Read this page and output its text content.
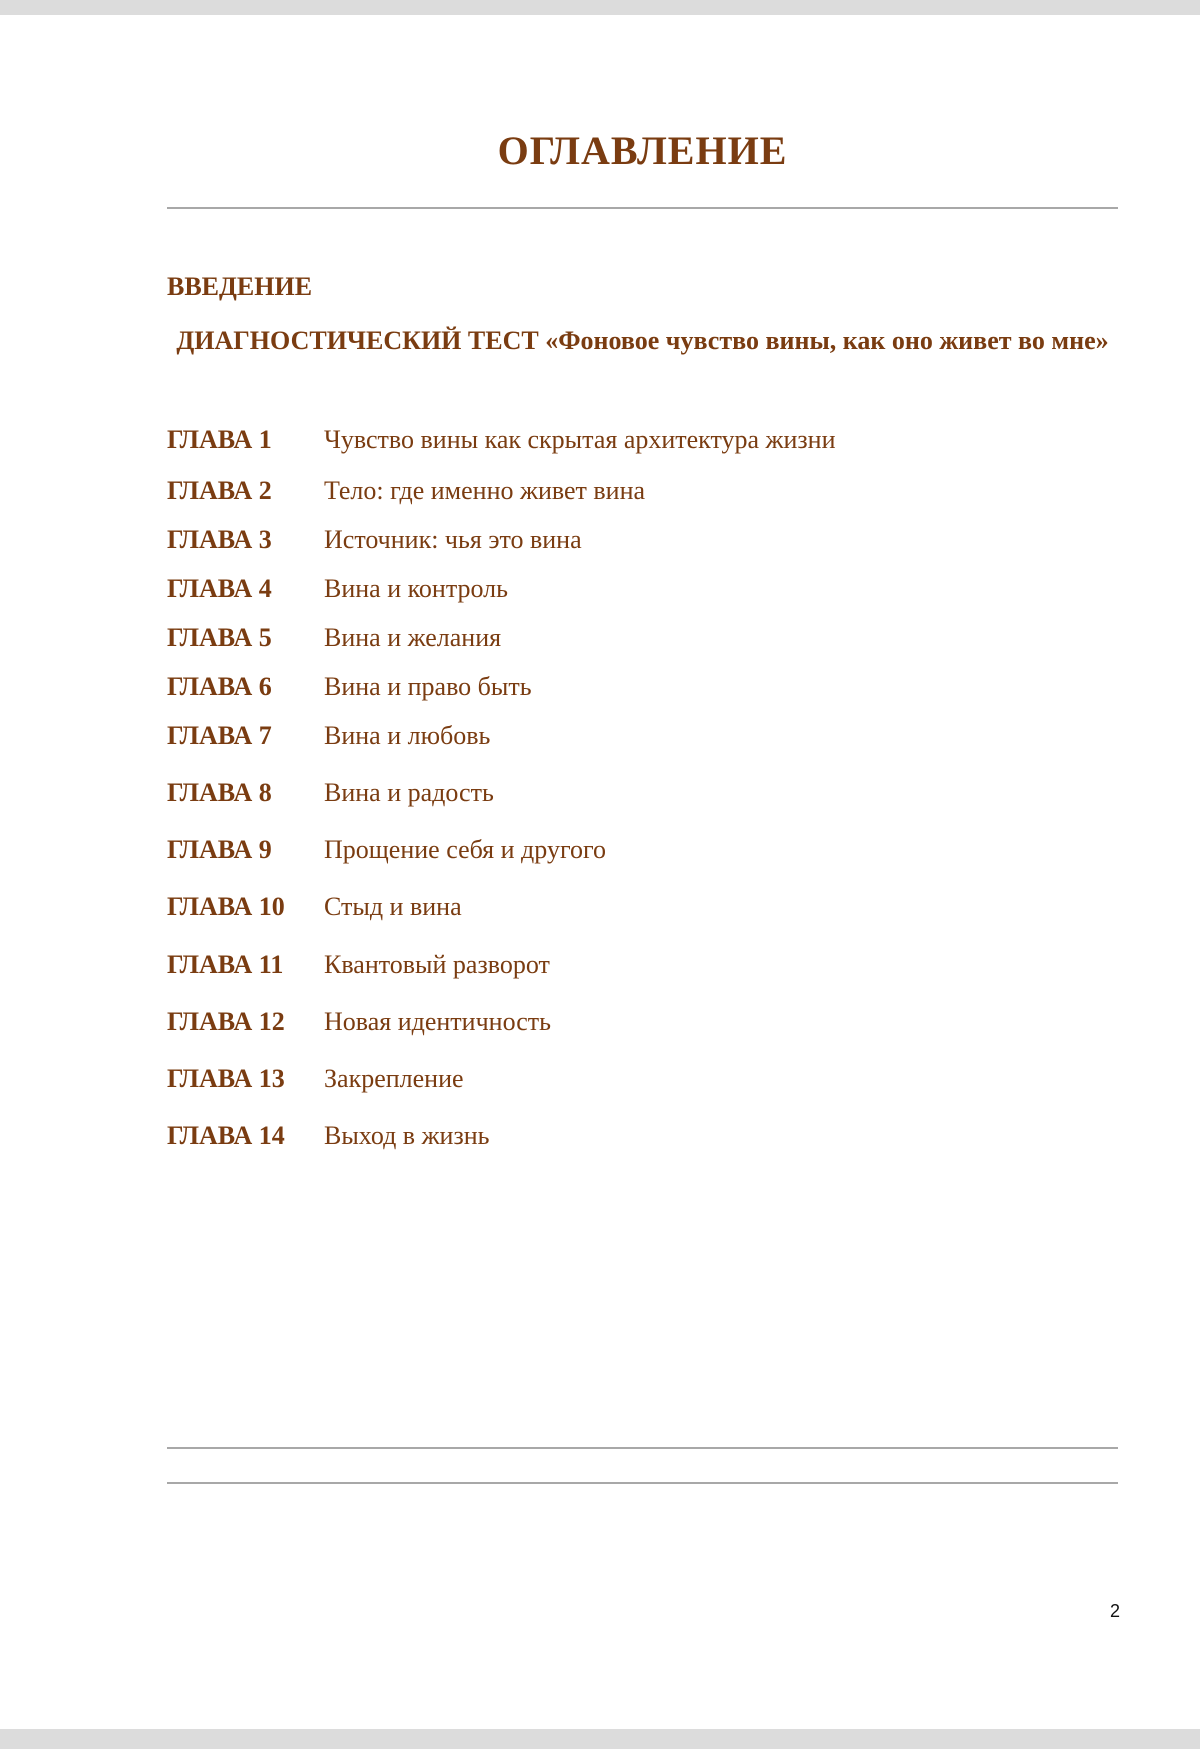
ОГЛАВЛЕНИЕ
ВВЕДЕНИЕ
ДИАГНОСТИЧЕСКИЙ ТЕСТ «Фоновое чувство вины, как оно живет во мне»
ГЛАВА 1 Чувство вины как скрытая архитектура жизни
ГЛАВА 2 Тело: где именно живет вина
ГЛАВА 3 Источник: чья это вина
ГЛАВА 4 Вина и контроль
ГЛАВА 5 Вина и желания
ГЛАВА 6 Вина и право быть
ГЛАВА 7 Вина и любовь
ГЛАВА 8 Вина и радость
ГЛАВА 9 Прощение себя и другого
ГЛАВА 10 Стыд и вина
ГЛАВА 11 Квантовый разворот
ГЛАВА 12 Новая идентичность
ГЛАВА 13 Закрепление
ГЛАВА 14 Выход в жизнь
2
